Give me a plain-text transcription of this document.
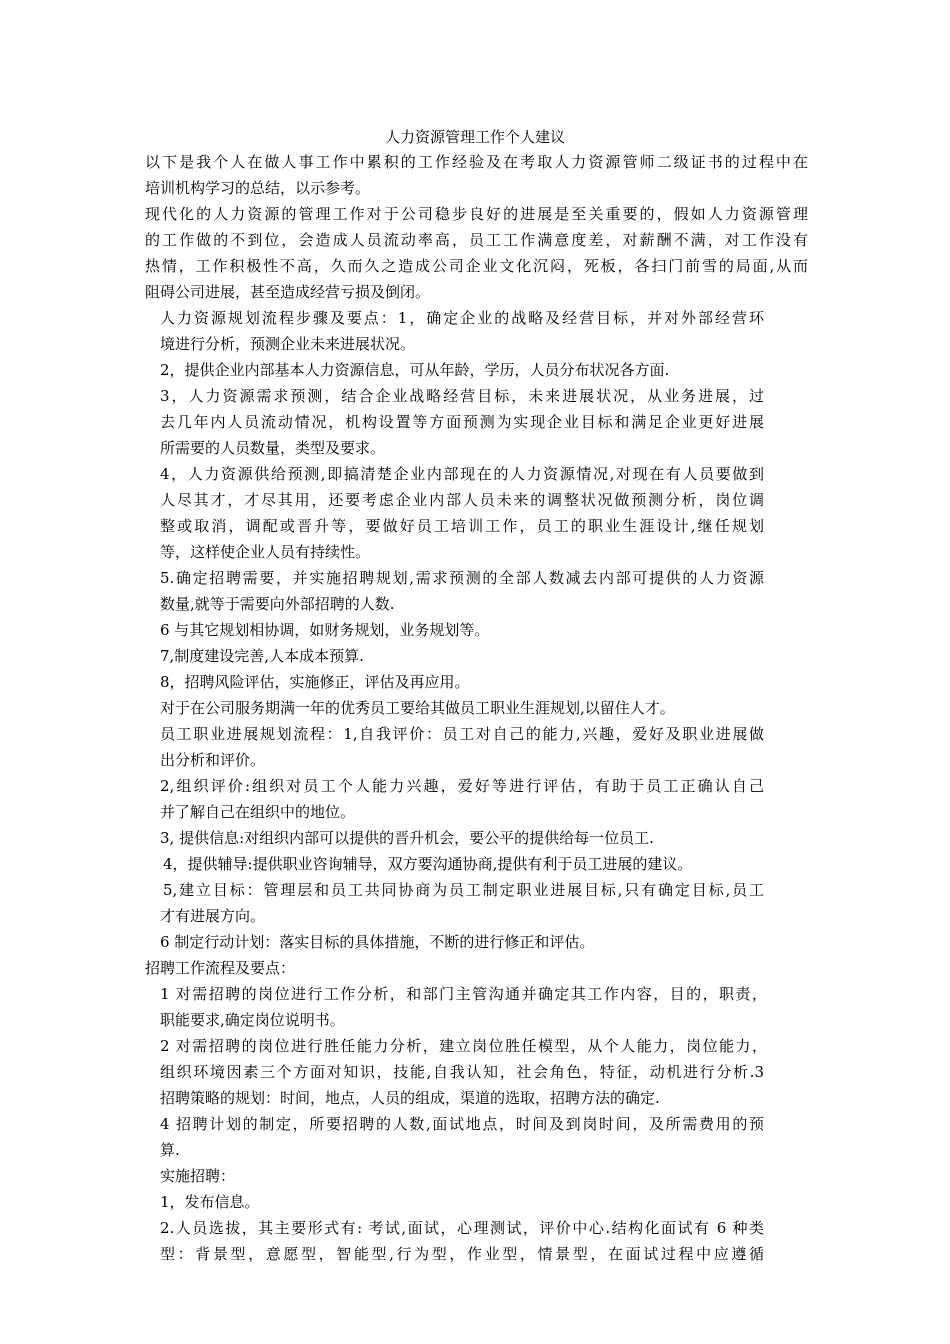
人力资源管理工作个人建议
以下是我个人在做人事工作中累积的工作经验及在考取人力资源管师二级证书的过程中在
培训机构学习的总结，以示参考。
现代化的人力资源的管理工作对于公司稳步良好的进展是至关重要的，假如人力资源管理
的工作做的不到位，会造成人员流动率高，员工工作满意度差，对薪酬不满，对工作没有
热情，工作积极性不高，久而久之造成公司企业文化沉闷，死板，各扫门前雪的局面,从而
阻碍公司进展，甚至造成经营亏损及倒闭。
人力资源规划流程步骤及要点：1，确定企业的战略及经营目标，并对外部经营环
境进行分析，预测企业未来进展状况。
2，提供企业内部基本人力资源信息，可从年龄，学历，人员分布状况各方面.
3，人力资源需求预测，结合企业战略经营目标，未来进展状况，从业务进展，过
去几年内人员流动情况，机构设置等方面预测为实现企业目标和满足企业更好进展
所需要的人员数量，类型及要求。
4，人力资源供给预测,即搞清楚企业内部现在的人力资源情况,对现在有人员要做到
人尽其才，才尽其用，还要考虑企业内部人员未来的调整状况做预测分析，岗位调
整或取消，调配或晋升等，要做好员工培训工作，员工的职业生涯设计,继任规划
等，这样使企业人员有持续性。
5.确定招聘需要，并实施招聘规划,需求预测的全部人数减去内部可提供的人力资源
数量,就等于需要向外部招聘的人数.
6 与其它规划相协调，如财务规划，业务规划等。
7,制度建设完善,人本成本预算.
8，招聘风险评估，实施修正，评估及再应用。
对于在公司服务期满一年的优秀员工要给其做员工职业生涯规划,以留住人才。
员工职业进展规划流程：1,自我评价：员工对自己的能力,兴趣，爱好及职业进展做
出分析和评价。
2,组织评价:组织对员工个人能力兴趣，爱好等进行评估，有助于员工正确认自己
并了解自己在组织中的地位。
3, 提供信息:对组织内部可以提供的晋升机会，要公平的提供给每一位员工.
4，提供辅导:提供职业咨询辅导，双方要沟通协商,提供有利于员工进展的建议。
5,建立目标：管理层和员工共同协商为员工制定职业进展目标,只有确定目标,员工
才有进展方向。
6 制定行动计划：落实目标的具体措施，不断的进行修正和评估。
招聘工作流程及要点：
1 对需招聘的岗位进行工作分析，和部门主管沟通并确定其工作内容，目的，职责，
职能要求,确定岗位说明书。
2 对需招聘的岗位进行胜任能力分析，建立岗位胜任模型，从个人能力，岗位能力，
组织环境因素三个方面对知识，技能,自我认知，社会角色，特征，动机进行分析.3
招聘策略的规划：时间，地点，人员的组成，渠道的选取，招聘方法的确定.
4 招聘计划的制定，所要招聘的人数,面试地点，时间及到岗时间，及所需费用的预
算.
实施招聘：
1，发布信息。
2.人员选拔，其主要形式有: 考试,面试，心理测试，评价中心.结构化面试有 6 种类
型：背景型，意愿型，智能型,行为型，作业型，情景型，在面试过程中应遵循
